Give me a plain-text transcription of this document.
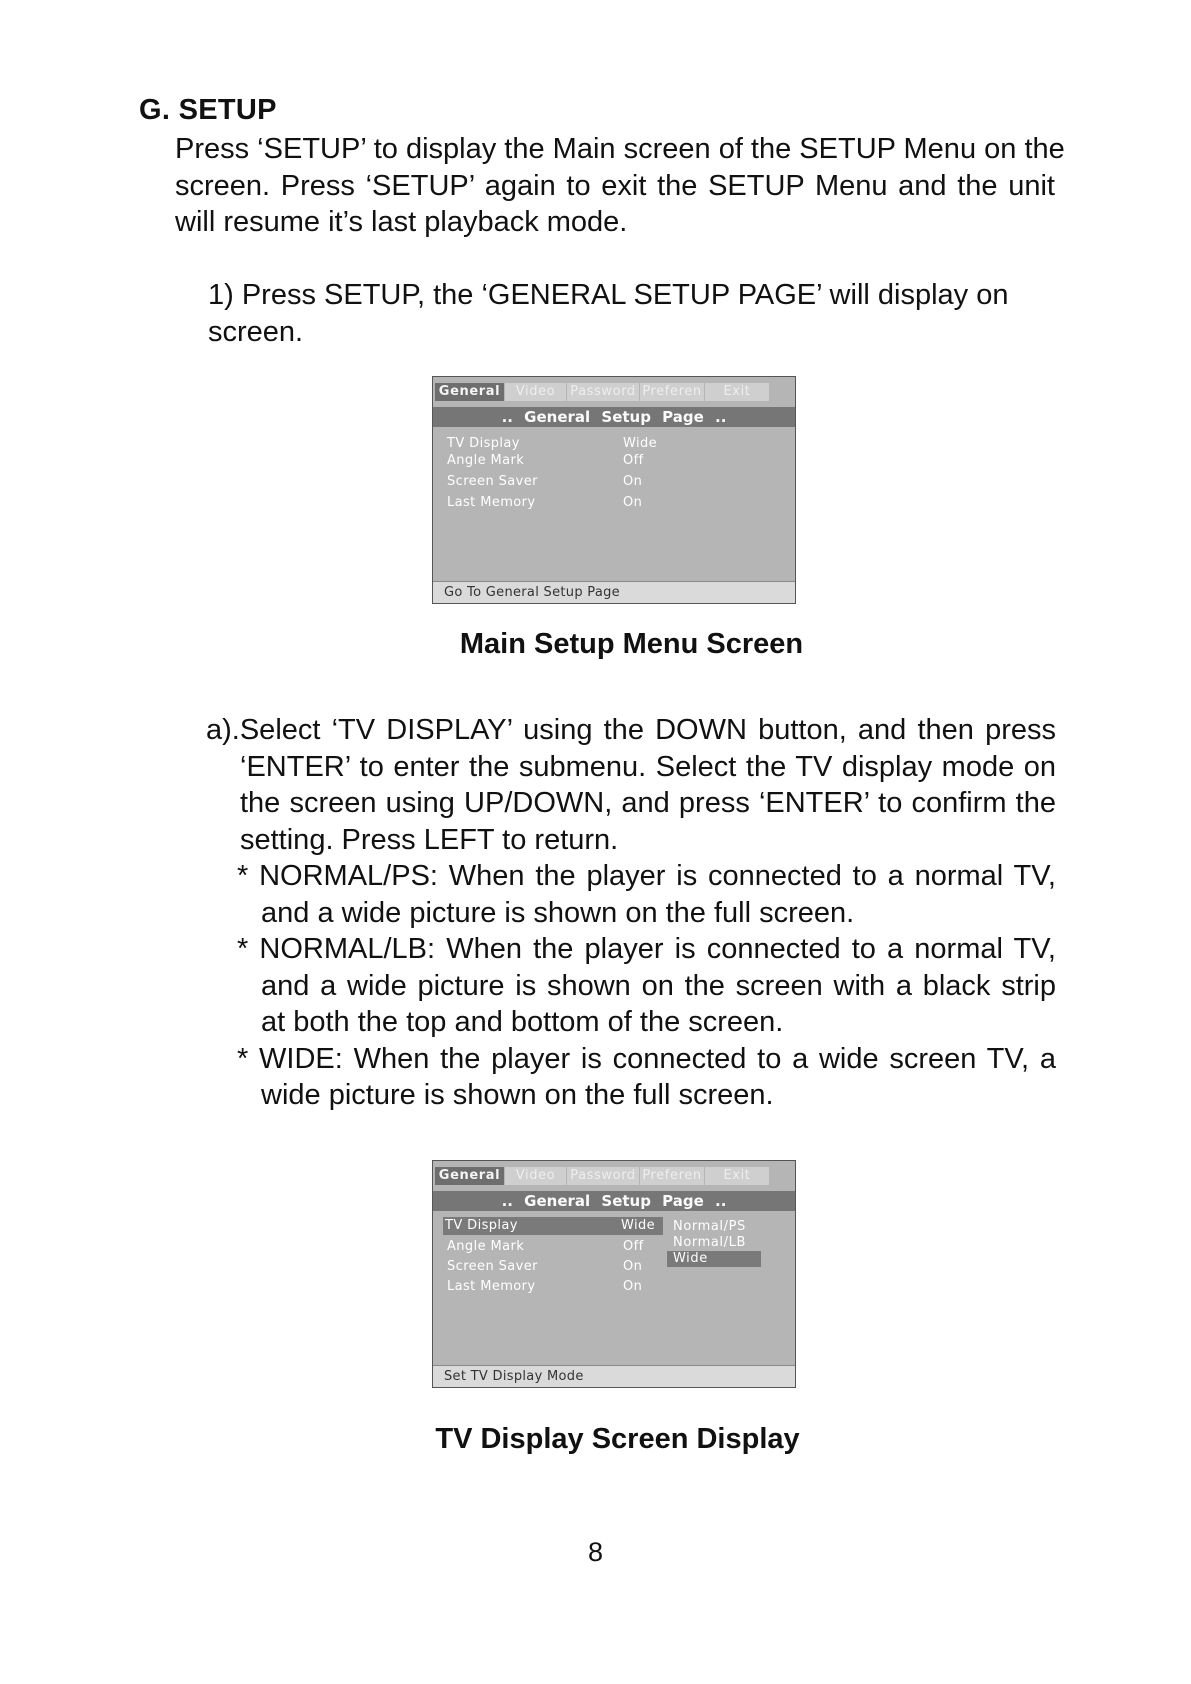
G. SETUP
Press ‘SETUP’ to display the Main screen of the SETUP Menu on the
screen. Press ‘SETUP’ again to exit the SETUP Menu and the unit
will resume it’s last playback mode.
1) Press SETUP, the ‘GENERAL SETUP PAGE’ will display on
screen.
General	Video	Password Preferen	Exit
.. General Setup Page ..
TV Display	Wide
Angle Mark	Off
Screen Saver	On
Last Memory	On
Go To General Setup Page
Main Setup Menu Screen
a).Select ‘TV DISPLAY’ using the DOWN button, and then press
‘ENTER’ to enter the submenu. Select the TV display mode on
the screen using UP/DOWN, and press ‘ENTER’ to confirm the
setting. Press LEFT to return.
* NORMAL/PS: When the player is connected to a normal TV,
and a wide picture is shown on the full screen.
* NORMAL/LB: When the player is connected to a normal TV,
and a wide picture is shown on the screen with a black strip
at both the top and bottom of the screen.
* WIDE: When the player is connected to a wide screen TV, a
wide picture is shown on the full screen.
General	Video	Password Preferen	Exit
.. General Setup Page ..
TV Display	Wide
Angle Mark	Off
Screen Saver	On
Last Memory	On
Normal/PS
Normal/LB
Wide
Set TV Display Mode
TV Display Screen Display
8
